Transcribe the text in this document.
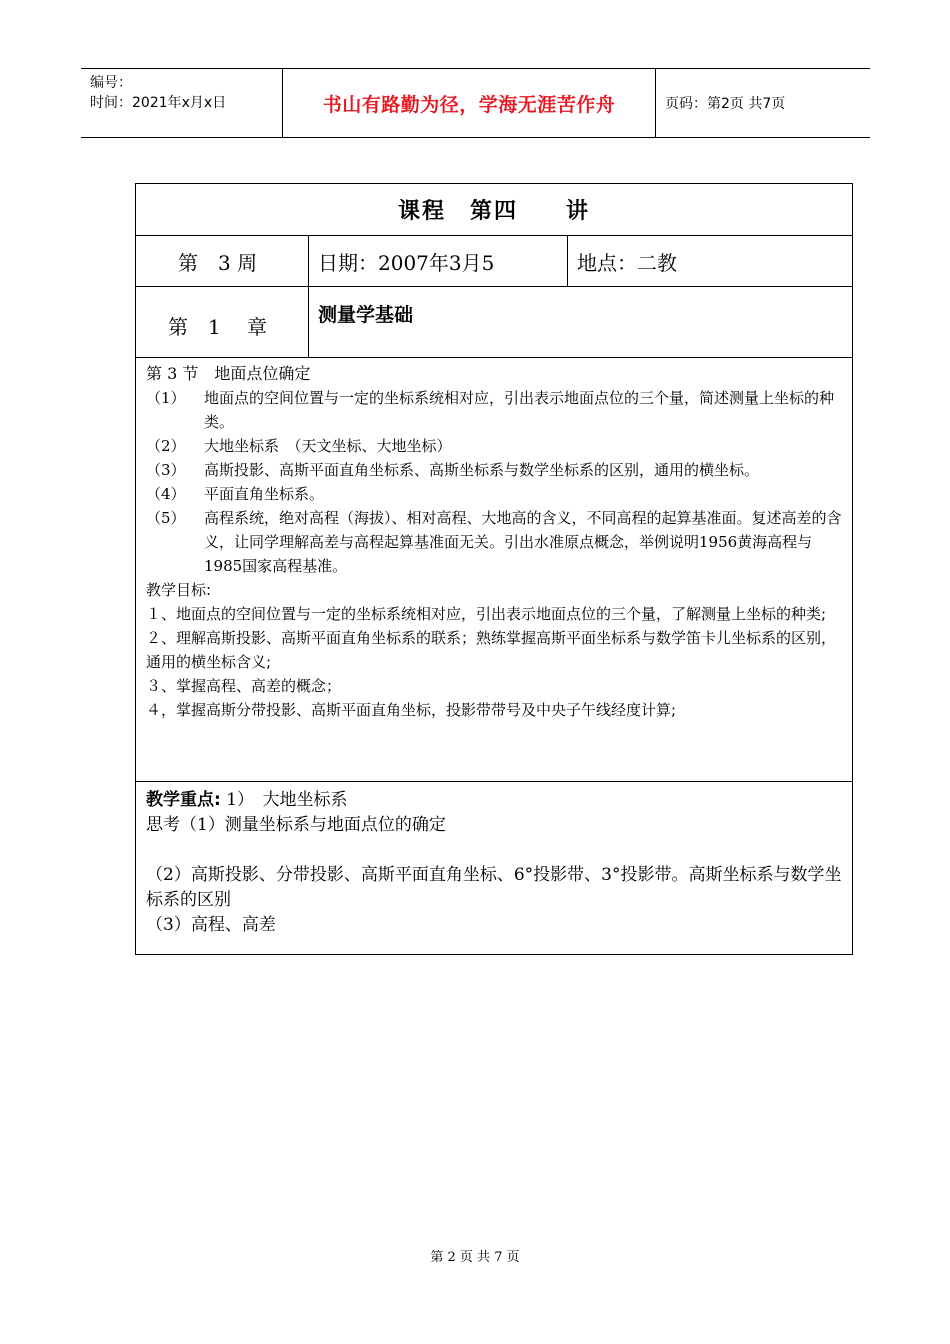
编号：
时间：2021年x月x日	书山有路勤为径，学海无涯苦作舟	页码：第2页 共7页
课程　第四　　讲
第　3 周	日期：2007年3月5	地点：二教
第　1　 章	测量学基础
第 3 节　地面点位确定
（1）	地面点的空间位置与一定的坐标系统相对应，引出表示地面点位的三个量，简述测量上坐标的种类。
（2）	大地坐标系　（天文坐标、大地坐标）
（3）	高斯投影、高斯平面直角坐标系、高斯坐标系与数学坐标系的区别，通用的横坐标。
（4）	平面直角坐标系。
（5）	高程系统，绝对高程（海拔）、相对高程、大地高的含义，不同高程的起算基准面。复述高差的含义，让同学理解高差与高程起算基准面无关。引出水准原点概念，举例说明1956黄海高程与1985国家高程基准。
教学目标:
１、地面点的空间位置与一定的坐标系统相对应，引出表示地面点位的三个量，了解测量上坐标的种类;
２、理解高斯投影、高斯平面直角坐标系的联系；熟练掌握高斯平面坐标系与数学笛卡儿坐标系的区别，通用的横坐标含义;
３、掌握高程、高差的概念；
４，掌握高斯分带投影、高斯平面直角坐标，投影带带号及中央子午线经度计算;
教学重点: 1）　大地坐标系
思考（1）测量坐标系与地面点位的确定
（2）高斯投影、分带投影、高斯平面直角坐标、6°投影带、3°投影带。高斯坐标系与数学坐标系的区别
（3）高程、高差
第 2 页 共 7 页
